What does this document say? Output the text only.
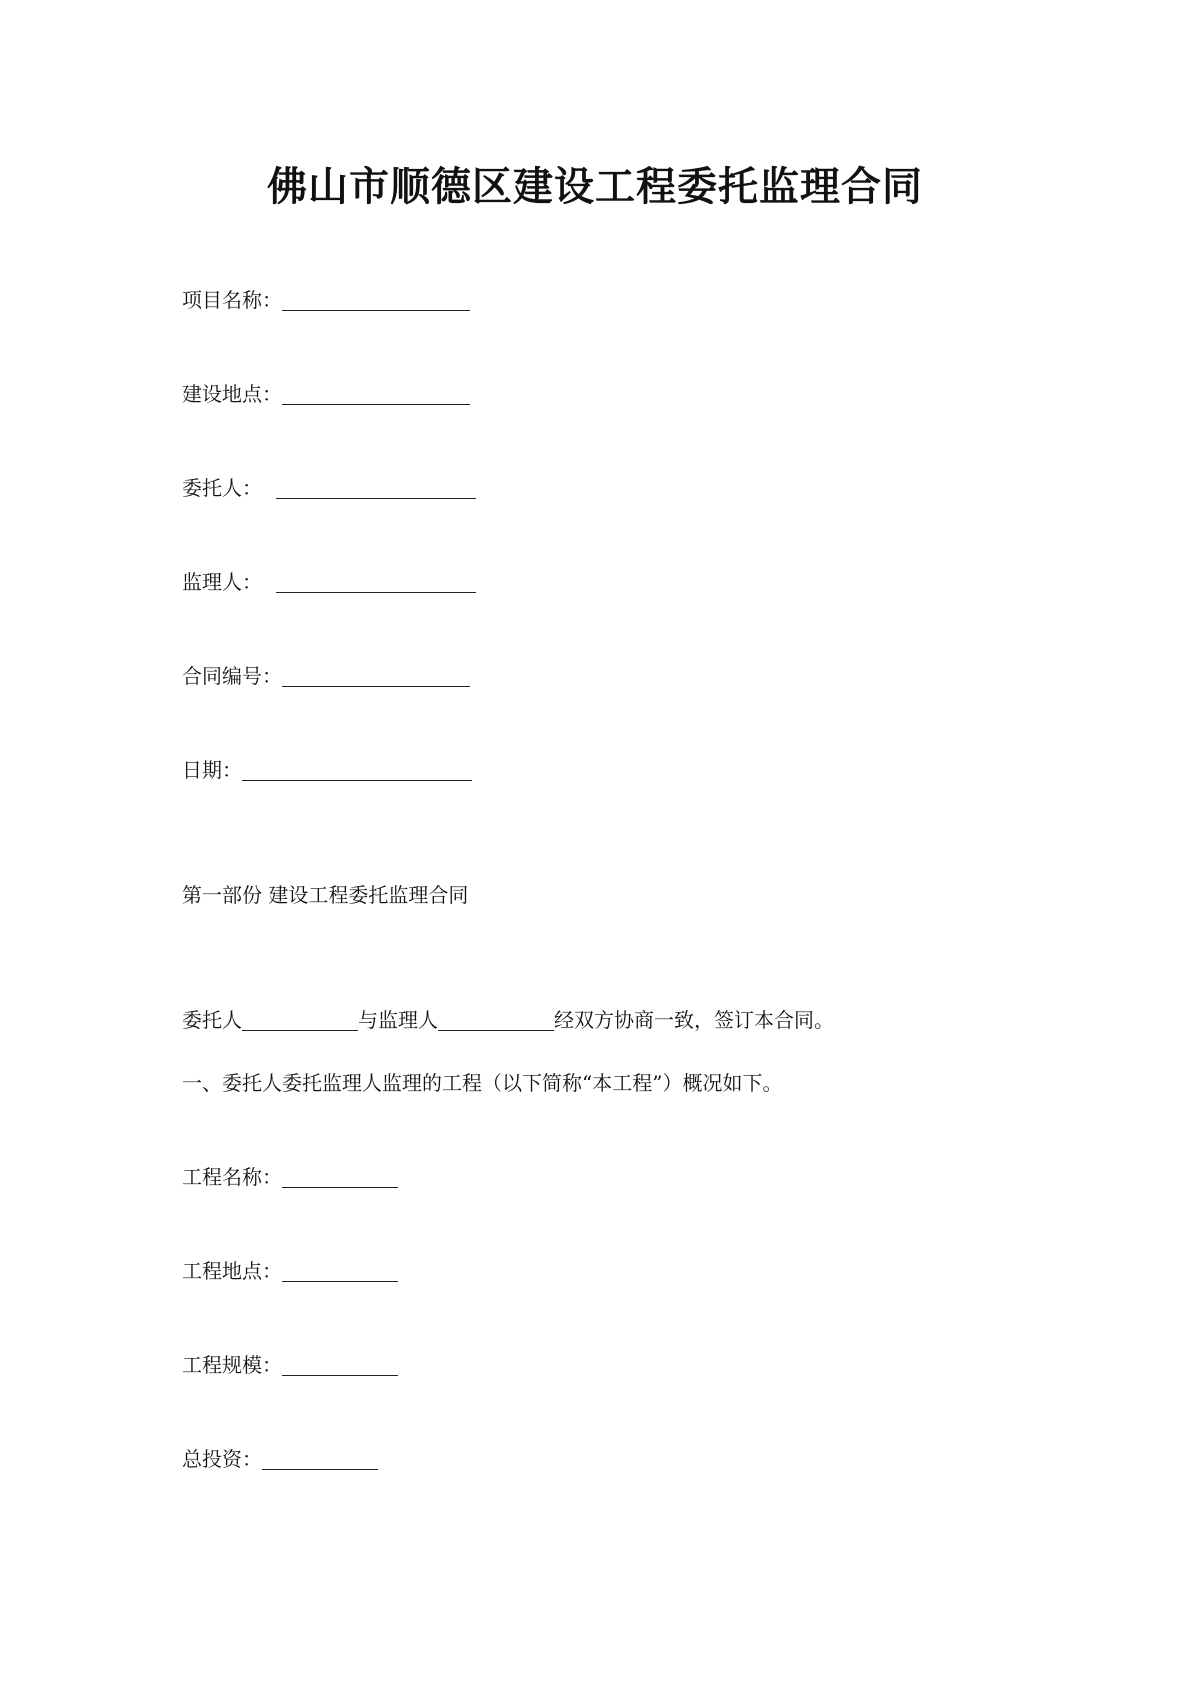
佛山市顺德区建设工程委托监理合同
项目名称：
建设地点：
委托人：
监理人：
合同编号：
日期：
第一部份 建设工程委托监理合同
委托人	与监理人	经双方协商一致，签订本合同。
一、委托人委托监理人监理的工程（以下简称“本工程”）概况如下。
工程名称：
工程地点：
工程规模：
总投资：
